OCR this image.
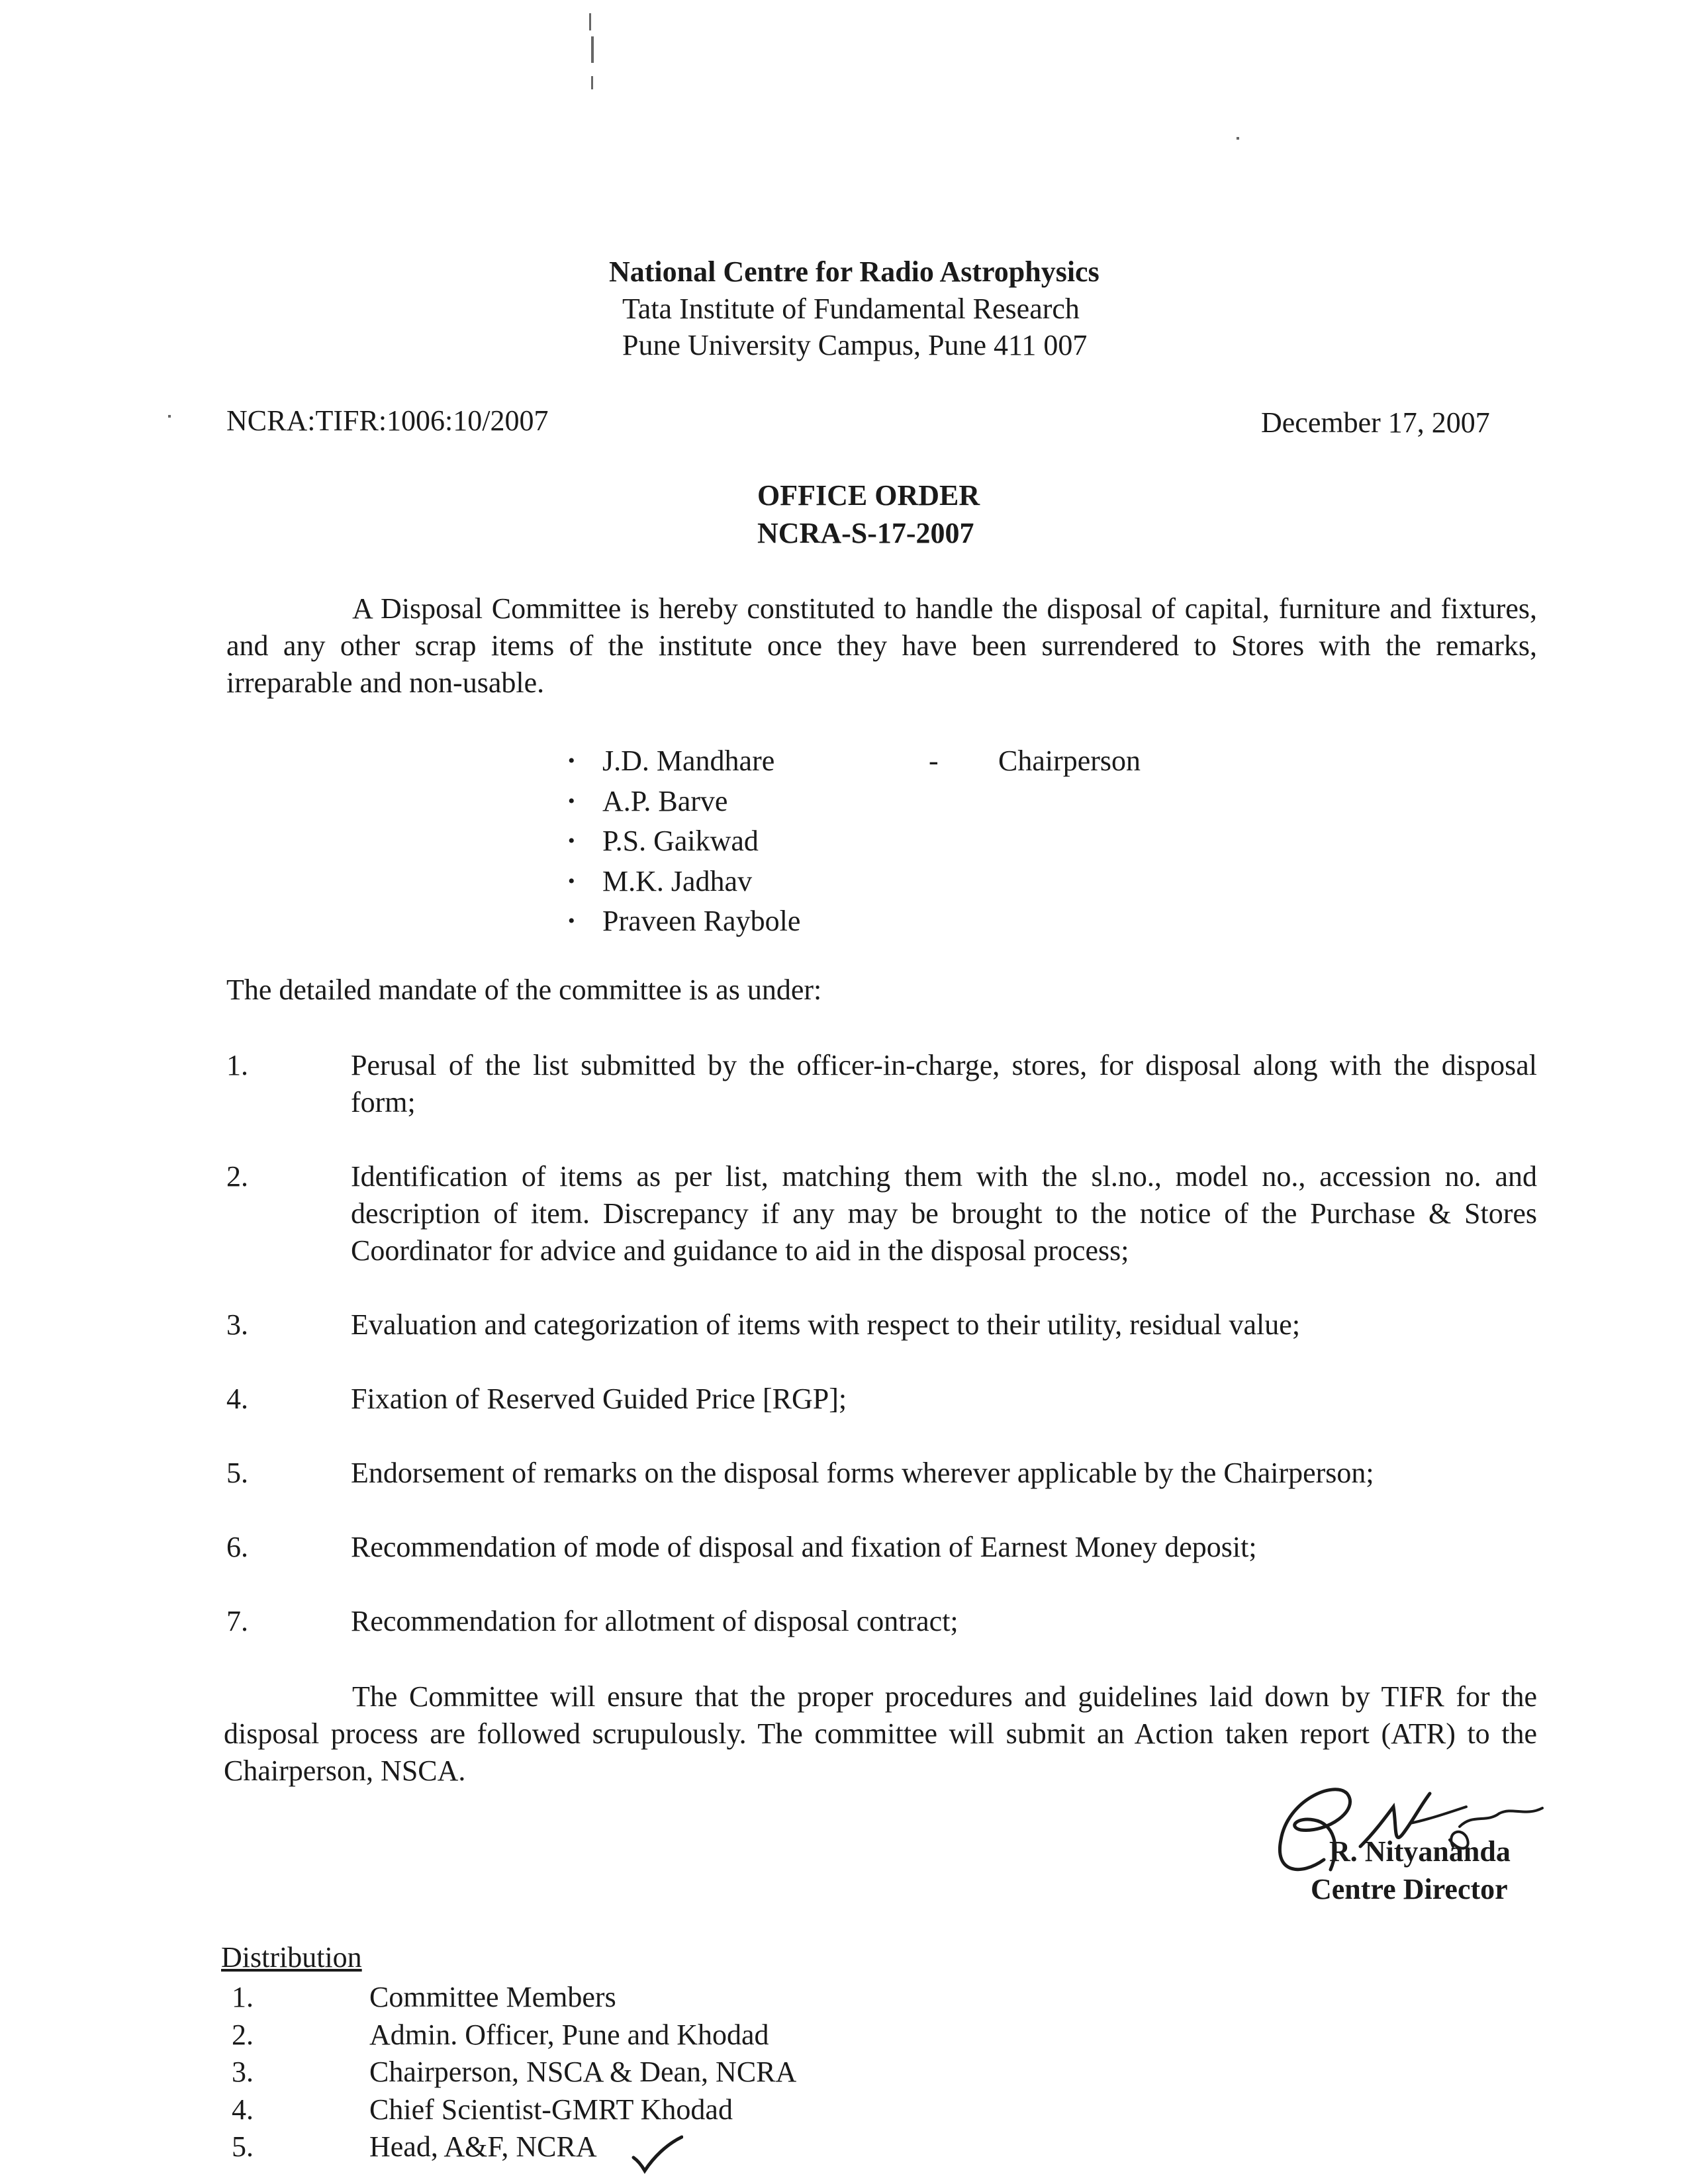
National Centre for Radio Astrophysics
Tata Institute of Fundamental Research
Pune University Campus, Pune 411 007
NCRA:TIFR:1006:10/2007	December 17, 2007
OFFICE ORDER
NCRA-S-17-2007
A Disposal Committee is hereby constituted to handle the disposal of capital, furniture and fixtures, and any other scrap items of the institute once they have been surrendered to Stores with the remarks, irreparable and non-usable.
• J.D. Mandhare	- Chairperson
• A.P. Barve
• P.S. Gaikwad
• M.K. Jadhav
• Praveen Raybole
The detailed mandate of the committee is as under:
1.	Perusal of the list submitted by the officer-in-charge, stores, for disposal along with the disposal form;
2.	Identification of items as per list, matching them with the sl.no., model no., accession no. and description of item. Discrepancy if any may be brought to the notice of the Purchase & Stores Coordinator for advice and guidance to aid in the disposal process;
3.	Evaluation and categorization of items with respect to their utility, residual value;
4.	Fixation of Reserved Guided Price [RGP];
5.	Endorsement of remarks on the disposal forms wherever applicable by the Chairperson;
6.	Recommendation of mode of disposal and fixation of Earnest Money deposit;
7.	Recommendation for allotment of disposal contract;
The Committee will ensure that the proper procedures and guidelines laid down by TIFR for the disposal process are followed scrupulously. The committee will submit an Action taken report (ATR) to the Chairperson, NSCA.
R. Nityananda
Centre Director
Distribution
1.	Committee Members
2.	Admin. Officer, Pune and Khodad
3.	Chairperson, NSCA & Dean, NCRA
4.	Chief Scientist-GMRT Khodad
5.	Head, A&F, NCRA
